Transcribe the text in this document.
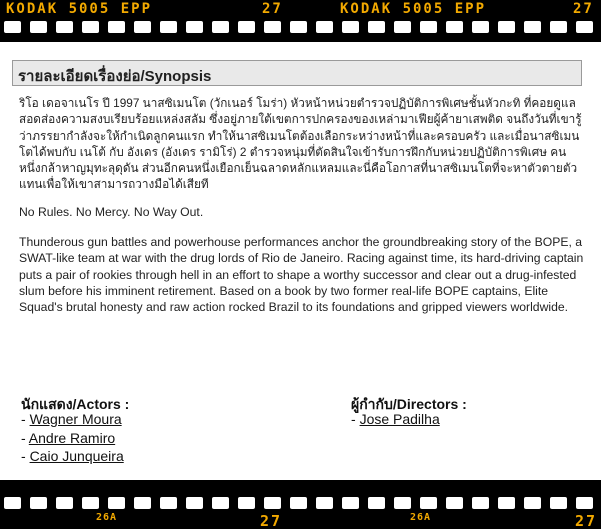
KODAK 5005 EPP	27	KODAK 5005 EPP	27
รายละเอียดเรื่องย่อ/Synopsis

ริโอ เดอจาเนโร ปี 1997 นาสซิเมนโต (วักเนอร์ โมร่า) หัวหน้าหน่วยตำรวจปฏิบัติการพิเศษชั้นหัวกะทิ ที่คอยดูแลสอดส่องความสงบเรียบร้อยแหล่งสลัม ซึ่งอยู่ภายใต้เขตการปกครองของเหล่ามาเฟียผู้ค้ายาเสพติด จนถึงวันที่เขารู้ว่าภรรยากำลังจะให้กำเนิดลูกคนแรก ทำให้นาสซิเมนโตต้องเลือกระหว่างหน้าที่และครอบครัว และเมื่อนาสซิเมนโตได้พบกับ เนโต้ กับ อังเดร (อังเดร รามิโร่) 2 ตำรวจหนุ่มที่ตัดสินใจเข้ารับการฝึกกับหน่วยปฏิบัติการพิเศษ คนหนึ่งกล้าหาญมุทะลุดุดัน ส่วนอีกคนหนึ่งเยือกเย็นฉลาดหลักแหลมและนี่คือโอกาสที่นาสซิเมนโตที่จะหาตัวตายตัวแทนเพื่อให้เขาสามารถวางมือได้เสียที

No Rules. No Mercy. No Way Out.

Thunderous gun battles and powerhouse performances anchor the groundbreaking story of the BOPE, a SWAT-like team at war with the drug lords of Rio de Janeiro. Racing against time, its hard-driving captain puts a pair of rookies through hell in an effort to shape a worthy successor and clear out a drug-infested slum before his imminent retirement. Based on a book by two former real-life BOPE captains, Elite Squad's brutal honesty and raw action rocked Brazil to its foundations and gripped viewers worldwide.

นักแสดง/Actors :
- Wagner Moura
- Andre Ramiro
- Caio Junqueira
ผู้กำกับ/Directors :
- Jose Padilha
26A	27	26A	27
